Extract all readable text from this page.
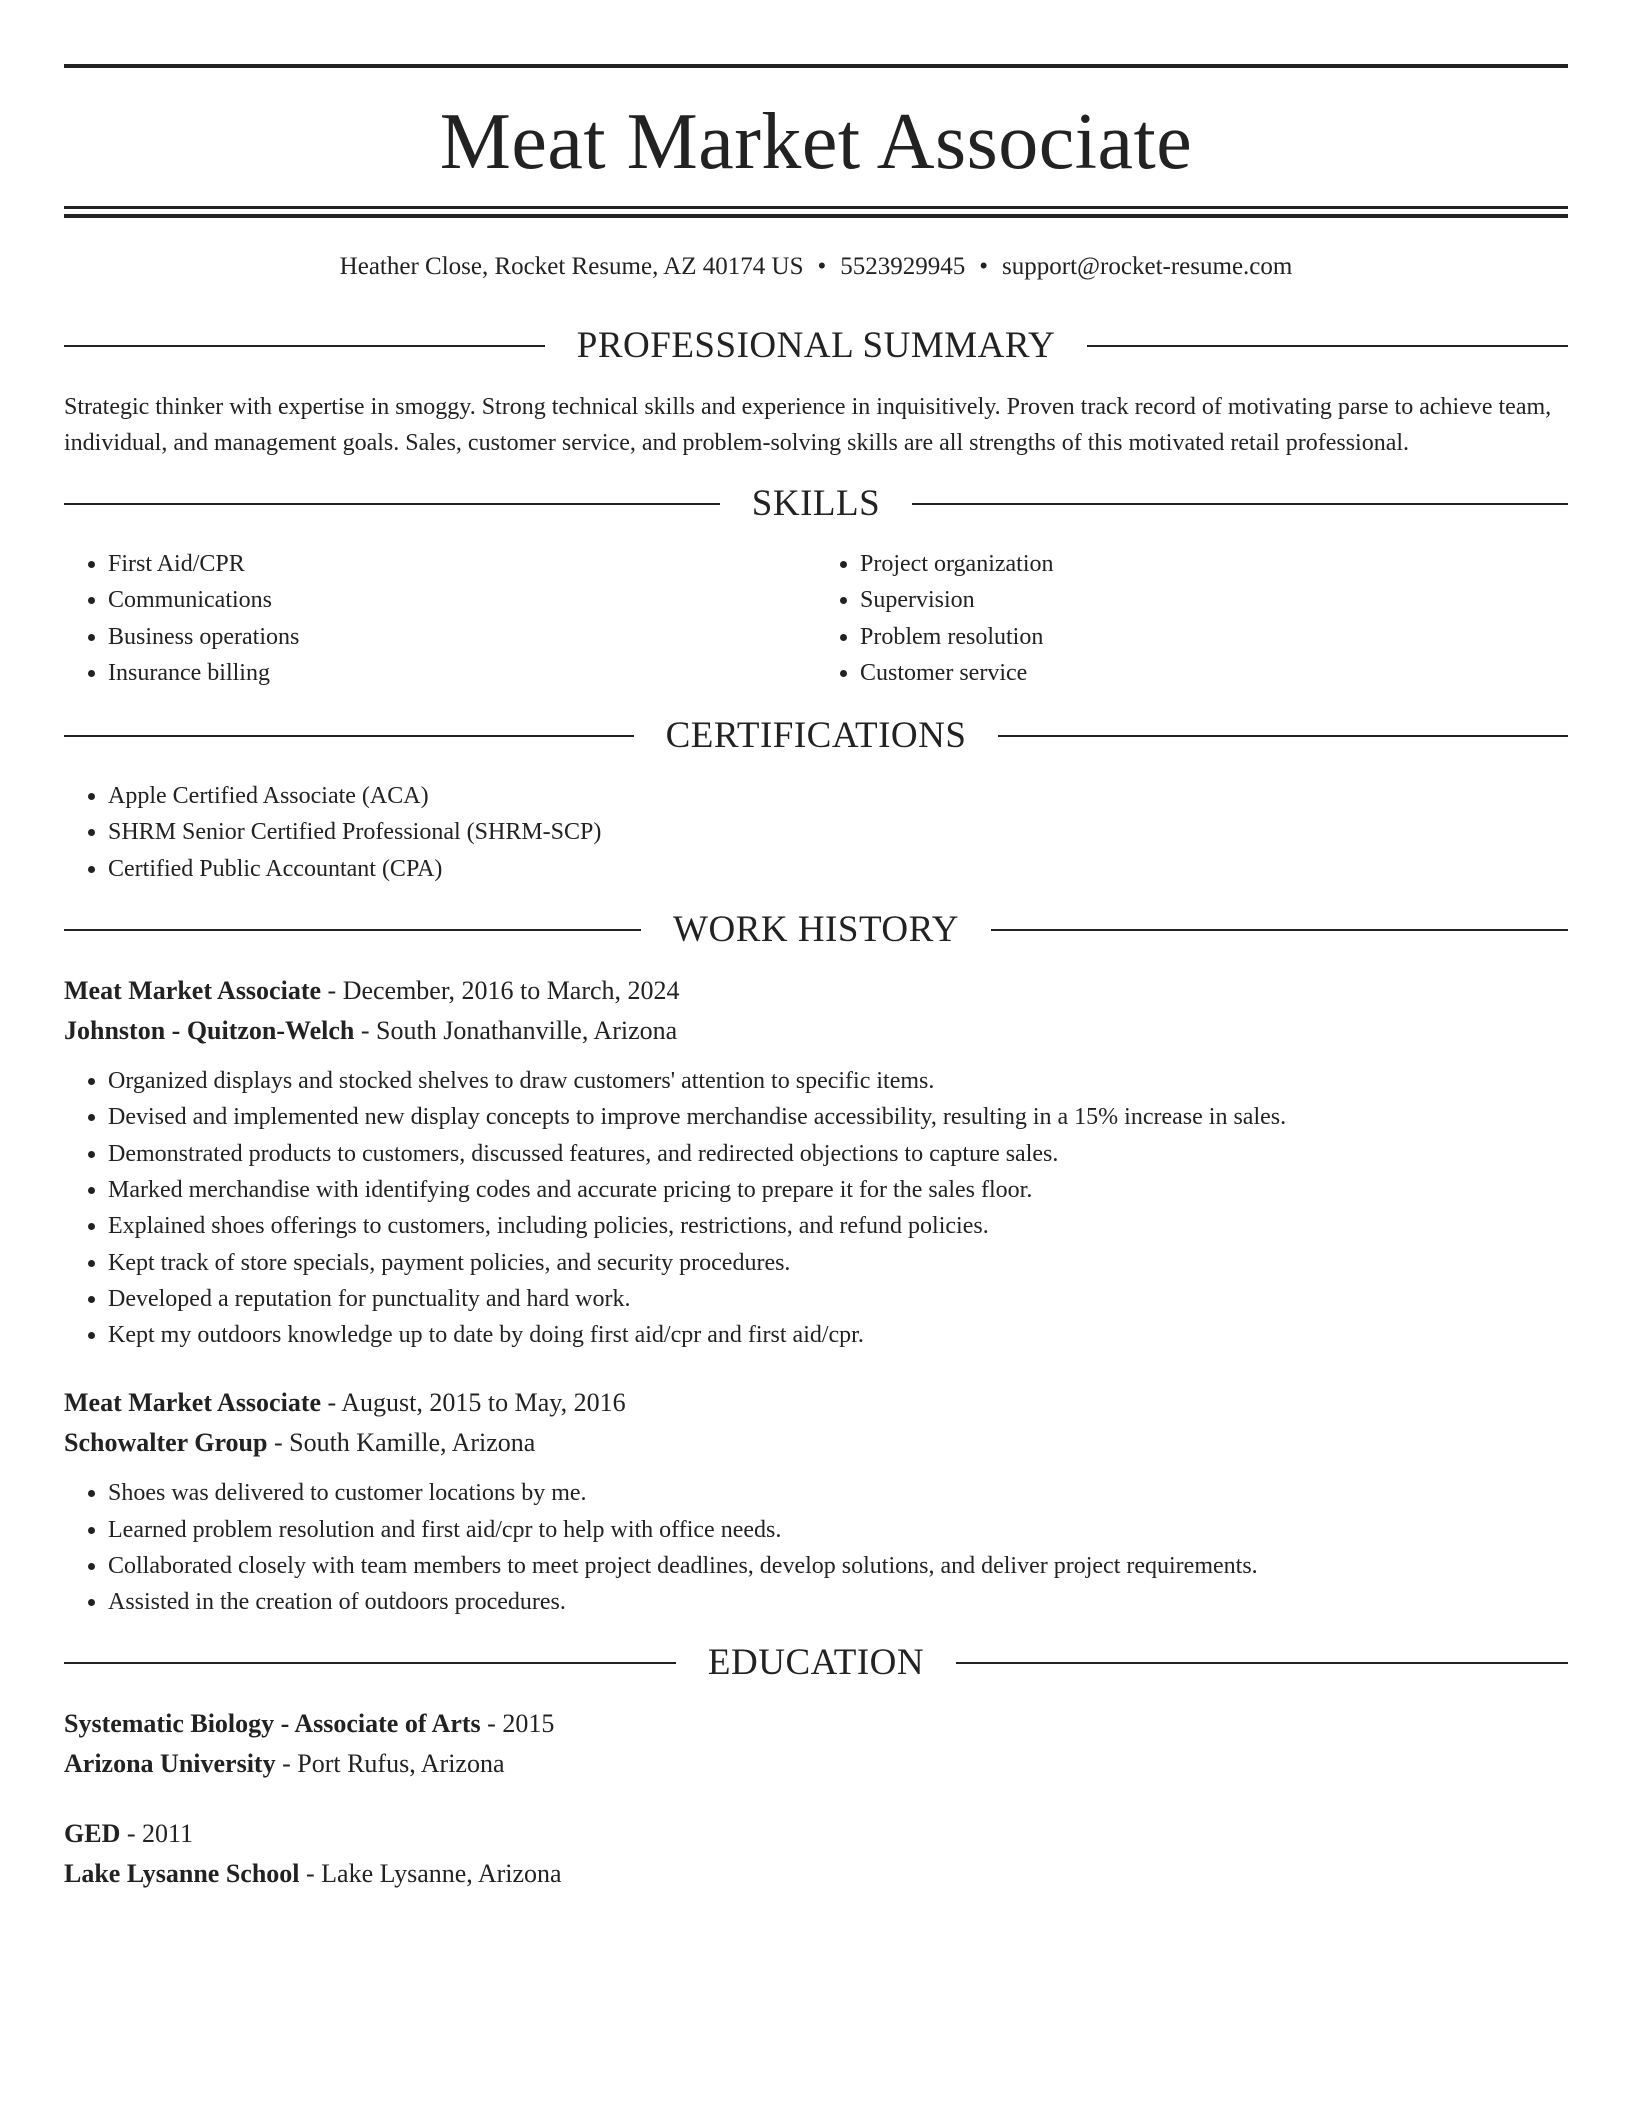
Meat Market Associate
Heather Close, Rocket Resume, AZ 40174 US • 5523929945 • support@rocket-resume.com
PROFESSIONAL SUMMARY

Strategic thinker with expertise in smoggy. Strong technical skills and experience in inquisitively. Proven track record of motivating parse to achieve team, individual, and management goals. Sales, customer service, and problem-solving skills are all strengths of this motivated retail professional.

SKILLS
• First Aid/CPR
• Communications
• Business operations
• Insurance billing
• Project organization
• Supervision
• Problem resolution
• Customer service
CERTIFICATIONS
• Apple Certified Associate (ACA)
• SHRM Senior Certified Professional (SHRM-SCP)
• Certified Public Accountant (CPA)
WORK HISTORY
Meat Market Associate - December, 2016 to March, 2024
Johnston - Quitzon-Welch - South Jonathanville, Arizona
• Organized displays and stocked shelves to draw customers' attention to specific items.
• Devised and implemented new display concepts to improve merchandise accessibility, resulting in a 15% increase in sales.
• Demonstrated products to customers, discussed features, and redirected objections to capture sales.
• Marked merchandise with identifying codes and accurate pricing to prepare it for the sales floor.
• Explained shoes offerings to customers, including policies, restrictions, and refund policies.
• Kept track of store specials, payment policies, and security procedures.
• Developed a reputation for punctuality and hard work.
• Kept my outdoors knowledge up to date by doing first aid/cpr and first aid/cpr.
Meat Market Associate - August, 2015 to May, 2016
Schowalter Group - South Kamille, Arizona
• Shoes was delivered to customer locations by me.
• Learned problem resolution and first aid/cpr to help with office needs.
• Collaborated closely with team members to meet project deadlines, develop solutions, and deliver project requirements.
• Assisted in the creation of outdoors procedures.
EDUCATION
Systematic Biology - Associate of Arts - 2015
Arizona University - Port Rufus, Arizona
GED - 2011
Lake Lysanne School - Lake Lysanne, Arizona
